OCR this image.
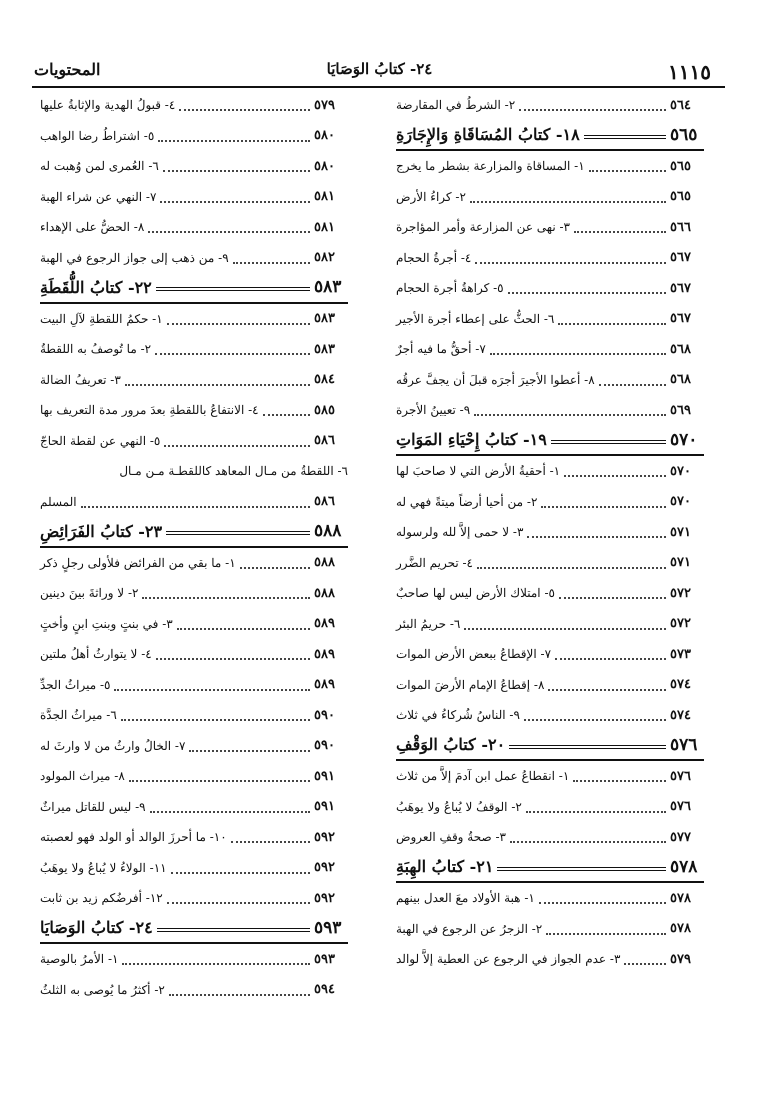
المحتويات	٢٤- كتابُ الوَصَايَا	١١١٥
٢- الشرطُ في المقارضة	٥٦٤
١٨- كتابُ المُسَاقَاةِ وَالإِجَارَةِ	٥٦٥
١- المساقاة والمزارعة بشطر ما يخرج	٥٦٥
٢- كراءُ الأرض	٥٦٥
٣- نهى عن المزارعة وأمر المؤاجرة	٥٦٦
٤- أجرةُ الحجام	٥٦٧
٥- كراهةُ أجرة الحجام	٥٦٧
٦- الحثُّ على إعطاء أجرة الأجير	٥٦٧
٧- أحقُّ ما فيه أجرٌ	٥٦٨
٨- أعطوا الأجيرَ أجرَه قبلَ أن يجفَّ عرقُه	٥٦٨
٩- تعيينُ الأجرة	٥٦٩
١٩- كتابُ إِحْيَاءِ المَوَاتِ	٥٧٠
١- أحقيةُ الأرض التي لا صاحبَ لها	٥٧٠
٢- من أحيا أرضاً ميتةً فهي له	٥٧٠
٣- لا حمى إلاَّ لله ولرسوله	٥٧١
٤- تحريم الضَّرر	٥٧١
٥- امتلاك الأرض ليس لها صاحبٌ	٥٧٢
٦- حريمُ البئر	٥٧٢
٧- الإقطاعُ ببعض الأرض الموات	٥٧٣
٨- إقطاعُ الإمام الأرضَ الموات	٥٧٤
٩- الناسُ شُركاءُ في ثلاث	٥٧٤
٢٠- كتابُ الوَقْفِ	٥٧٦
١- انقطاعُ عمل ابن آدمَ إلاَّ من ثلاث	٥٧٦
٢- الوقفُ لا يُباعُ ولا يوهَبُ	٥٧٦
٣- صحةُ وقفِ العروض	٥٧٧
٢١- كتابُ الهِبَةِ	٥٧٨
١- هبة الأولاد معَ العدل بينهم	٥٧٨
٢- الزجرُ عن الرجوع في الهبة	٥٧٨
٣- عدم الجواز في الرجوع عن العطية إلاَّ لوالد	٥٧٩
٤- قبولُ الهدية والإثابةُ عليها	٥٧٩
٥- اشتراطُ رضا الواهب	٥٨٠
٦- العُمرى لمن وُهبت له	٥٨٠
٧- النهي عن شراء الهبة	٥٨١
٨- الحضُّ على الإهداء	٥٨١
٩- من ذهب إلى جواز الرجوع في الهبة	٥٨٢
٢٢- كتابُ اللُّقَطَةِ	٥٨٣
١- حكمُ اللقطةِ لآلِ البيت	٥٨٣
٢- ما تُوصفُ به اللقطةُ	٥٨٣
٣- تعريفُ الضالة	٥٨٤
٤- الانتفاعُ باللقطةِ بعدَ مرور مدة التعريف بها	٥٨٥
٥- النهي عن لقطة الحاجّ	٥٨٦
٦- اللقطةُ من مـال المعاهد كاللقطـة مـن مـال
المسلم	٥٨٦
٢٣- كتابُ الفَرَائِضِ	٥٨٨
١- ما بقي من الفرائض فلأولى رجلٍ ذكر	٥٨٨
٢- لا وراثةَ بينَ دينين	٥٨٨
٣- في بنتٍ وبنتِ ابنٍ وأختٍ	٥٨٩
٤- لا يتوارثُ أهلُ ملتين	٥٨٩
٥- ميراثُ الجدِّ	٥٨٩
٦- ميراثُ الجدَّة	٥٩٠
٧- الخالُ وارثُ من لا وارثَ له	٥٩٠
٨- ميراث المولود	٥٩١
٩- ليس للقاتل ميراثٌ	٥٩١
١٠- ما أحرزَ الوالد أو الولد فهو لعصبته	٥٩٢
١١- الولاءُ لا يُباعُ ولا يوهَبُ	٥٩٢
١٢- أفرضُكم زيد بن ثابت	٥٩٢
٢٤- كتابُ الوَصَايَا	٥٩٣
١- الأمرُ بالوصية	٥٩٣
٢- أكثرُ ما يُوصى به الثلثُ	٥٩٤
